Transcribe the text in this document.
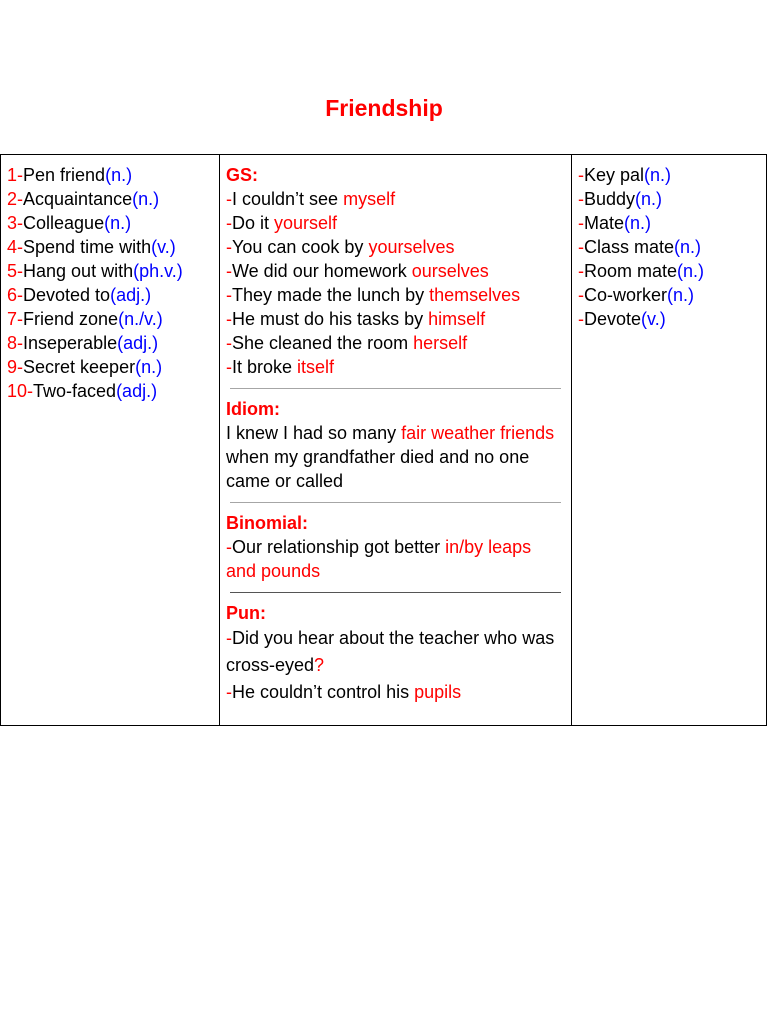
Friendship
1-Pen friend(n.)
2-Acquaintance(n.)
3-Colleague(n.)
4-Spend time with(v.)
5-Hang out with(ph.v.)
6-Devoted to(adj.)
7-Friend zone(n./v.)
8-Inseperable(adj.)
9-Secret keeper(n.)
10-Two-faced(adj.)
GS:
-I couldn’t see myself
-Do it yourself
-You can cook by yourselves
-We did our homework ourselves
-They made the lunch by themselves
-He must do his tasks by himself
-She cleaned the room herself
-It broke itself
Idiom:
I knew I had so many fair weather friends when my grandfather died and no one came or called
Binomial:
-Our relationship got better in/by leaps and pounds
Pun:
-Did you hear about the teacher who was cross-eyed?
-He couldn’t control his pupils
-Key pal(n.)
-Buddy(n.)
-Mate(n.)
-Class mate(n.)
-Room mate(n.)
-Co-worker(n.)
-Devote(v.)
